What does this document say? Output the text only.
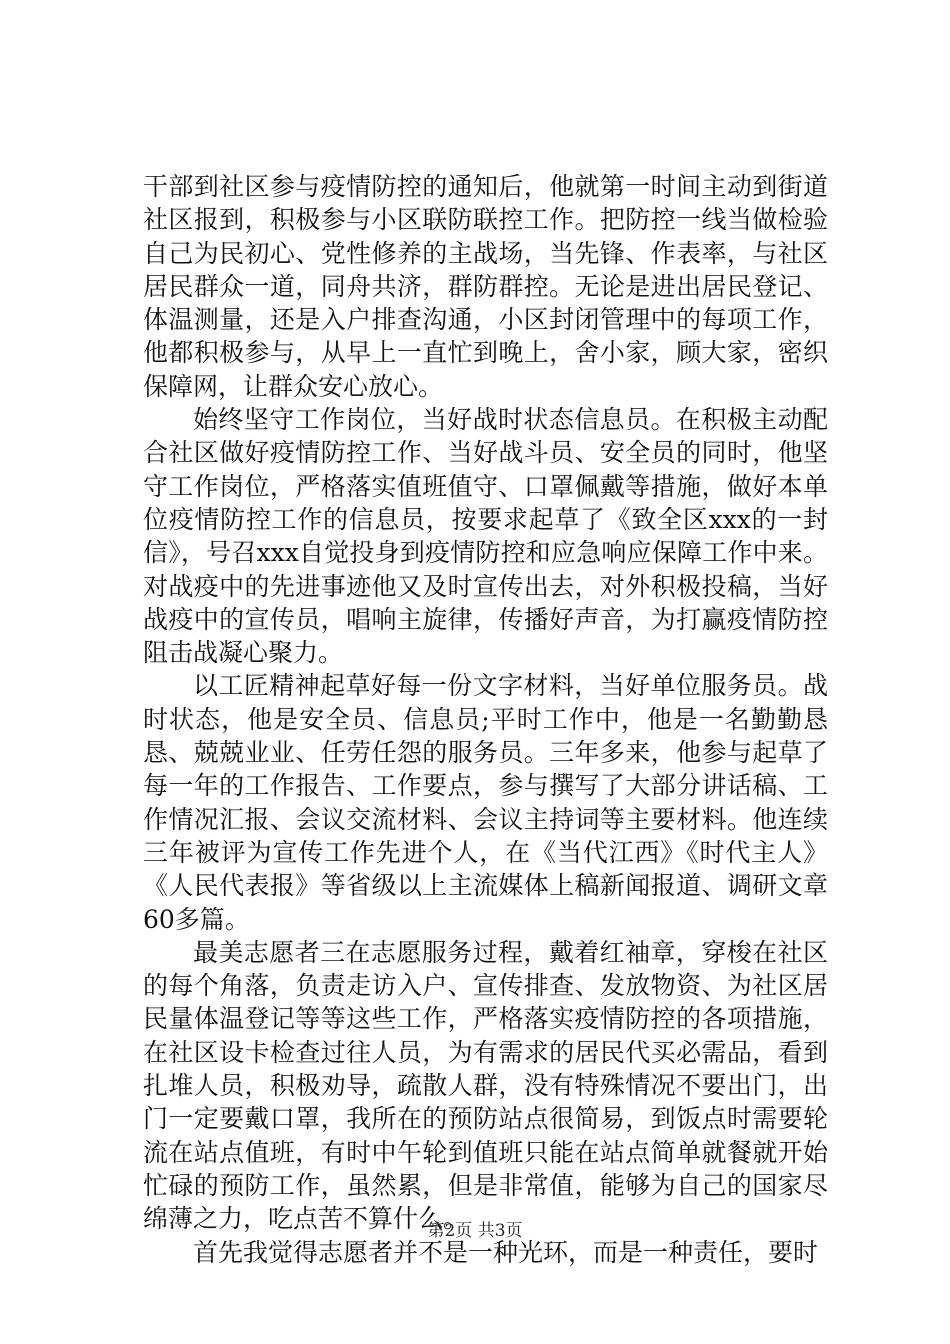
干部到社区参与疫情防控的通知后，他就第一时间主动到街道社区报到，积极参与小区联防联控工作。把防控一线当做检验自己为民初心、党性修养的主战场，当先锋、作表率，与社区居民群众一道，同舟共济，群防群控。无论是进出居民登记、体温测量，还是入户排查沟通，小区封闭管理中的每项工作，他都积极参与，从早上一直忙到晚上，舍小家，顾大家，密织保障网，让群众安心放心。

始终坚守工作岗位，当好战时状态信息员。在积极主动配合社区做好疫情防控工作、当好战斗员、安全员的同时，他坚守工作岗位，严格落实值班值守、口罩佩戴等措施，做好本单位疫情防控工作的信息员，按要求起草了《致全区xxx的一封信》，号召xxx自觉投身到疫情防控和应急响应保障工作中来。对战疫中的先进事迹他又及时宣传出去，对外积极投稿，当好战疫中的宣传员，唱响主旋律，传播好声音，为打赢疫情防控阻击战凝心聚力。

以工匠精神起草好每一份文字材料，当好单位服务员。战时状态，他是安全员、信息员;平时工作中，他是一名勤勤恳恳、兢兢业业、任劳任怨的服务员。三年多来，他参与起草了每一年的工作报告、工作要点，参与撰写了大部分讲话稿、工作情况汇报、会议交流材料、会议主持词等主要材料。他连续三年被评为宣传工作先进个人，在《当代江西》《时代主人》《人民代表报》等省级以上主流媒体上稿新闻报道、调研文章60多篇。

最美志愿者三在志愿服务过程，戴着红袖章，穿梭在社区的每个角落，负责走访入户、宣传排查、发放物资、为社区居民量体温登记等等这些工作，严格落实疫情防控的各项措施，在社区设卡检查过往人员，为有需求的居民代买必需品，看到扎堆人员，积极劝导，疏散人群，没有特殊情况不要出门，出门一定要戴口罩，我所在的预防站点很简易，到饭点时需要轮流在站点值班，有时中午轮到值班只能在站点简单就餐就开始忙碌的预防工作，虽然累，但是非常值，能够为自己的国家尽绵薄之力，吃点苦不算什么。

首先我觉得志愿者并不是一种光环，而是一种责任，要时

第2页 共3页
